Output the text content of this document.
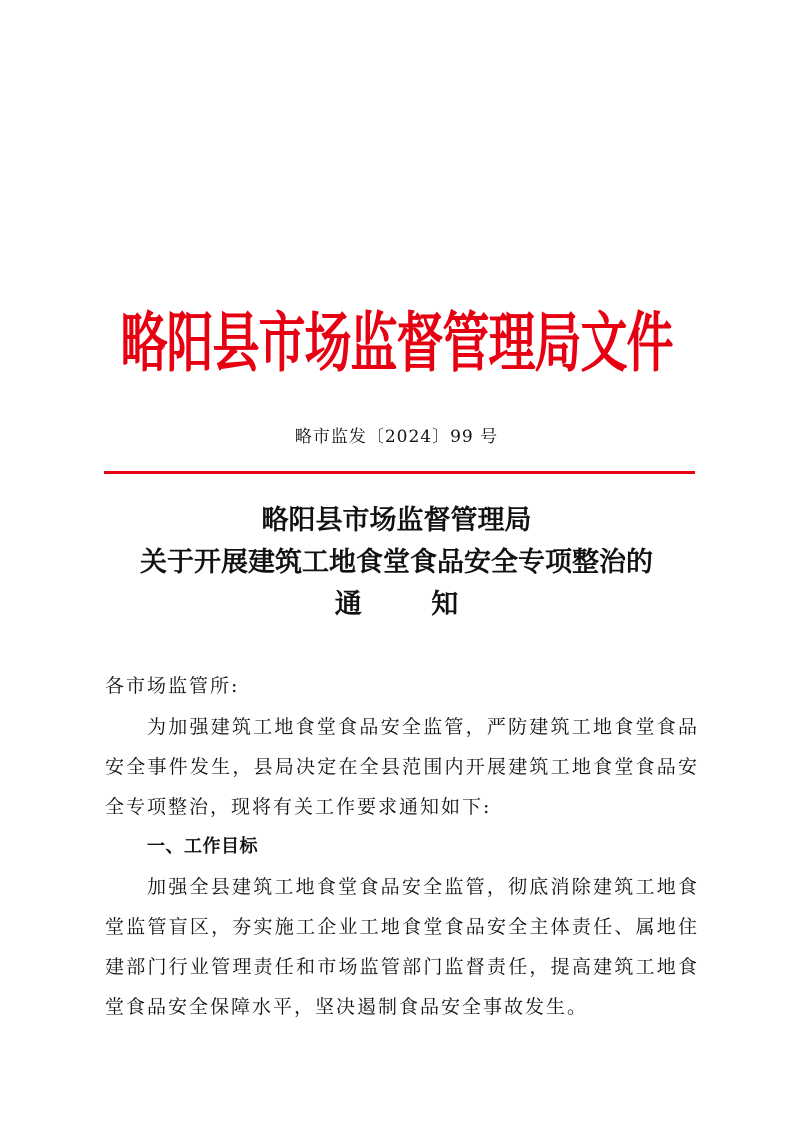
略阳县市场监督管理局文件
略市监发〔2024〕99 号
略阳县市场监督管理局
关于开展建筑工地食堂食品安全专项整治的
通 知

各市场监管所:

为加强建筑工地食堂食品安全监管，严防建筑工地食堂食品安全事件发生，县局决定在全县范围内开展建筑工地食堂食品安全专项整治，现将有关工作要求通知如下:

一、工作目标

加强全县建筑工地食堂食品安全监管，彻底消除建筑工地食堂监管盲区，夯实施工企业工地食堂食品安全主体责任、属地住建部门行业管理责任和市场监管部门监督责任，提高建筑工地食堂食品安全保障水平，坚决遏制食品安全事故发生。
